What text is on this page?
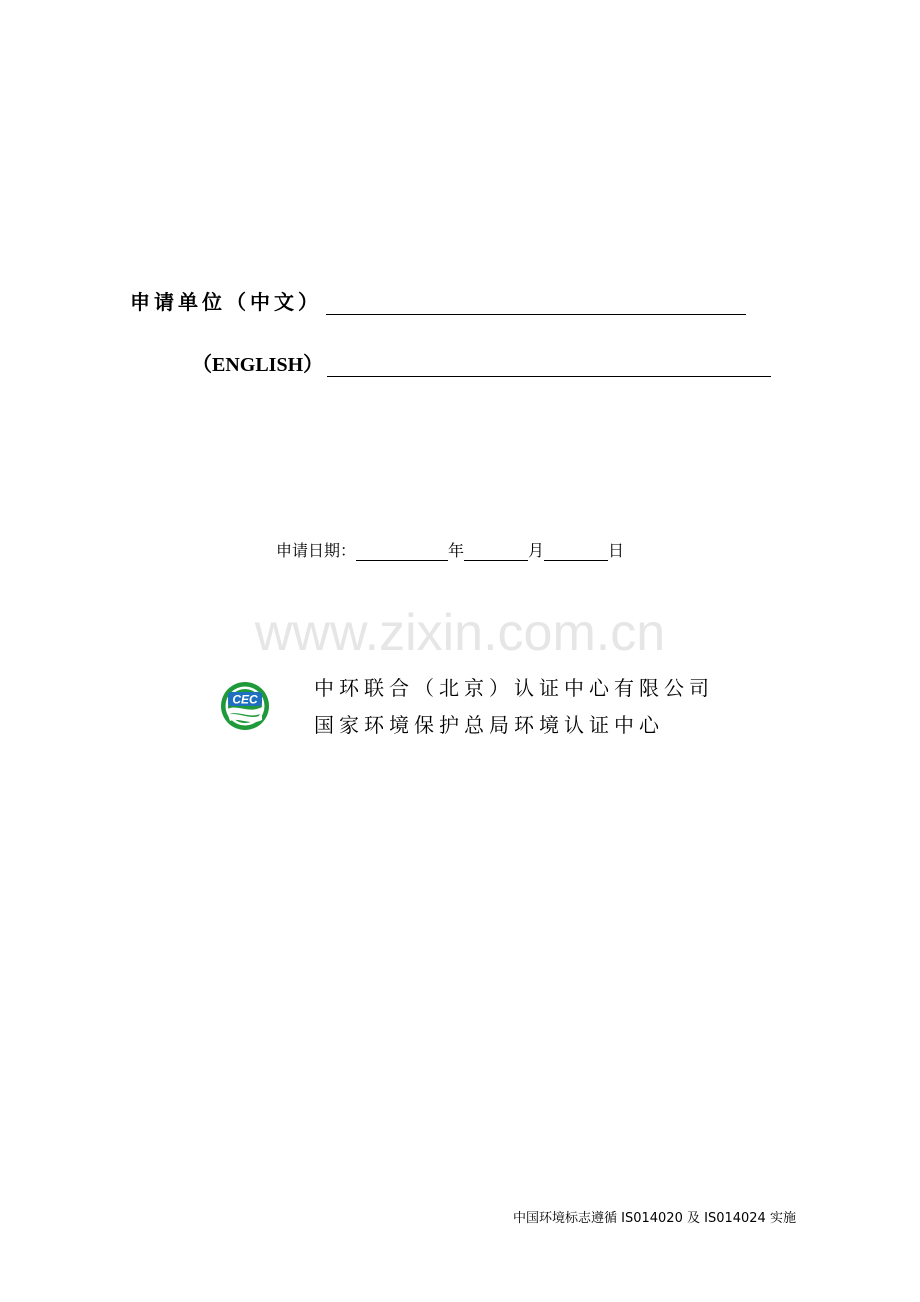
申请单位（中文）
（ENGLISH）
申请日期：	年	月	日
www.zixin.com.cn
CEC	中环联合（北京）认证中心有限公司
国家环境保护总局环境认证中心
中国环境标志遵循 IS014020 及 IS014024 实施
